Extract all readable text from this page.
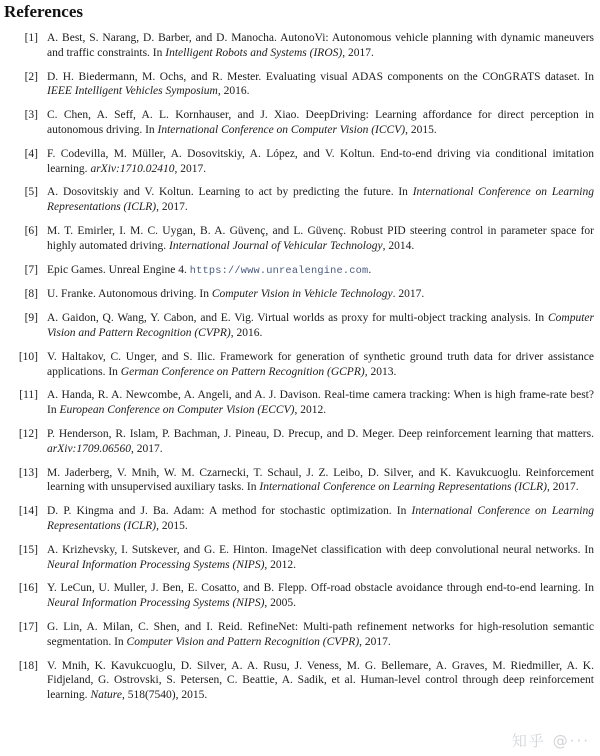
References
[1] A. Best, S. Narang, D. Barber, and D. Manocha. AutonoVi: Autonomous vehicle planning with dynamic maneuvers and traffic constraints. In Intelligent Robots and Systems (IROS), 2017.
[2] D. H. Biedermann, M. Ochs, and R. Mester. Evaluating visual ADAS components on the COnGRATS dataset. In IEEE Intelligent Vehicles Symposium, 2016.
[3] C. Chen, A. Seff, A. L. Kornhauser, and J. Xiao. DeepDriving: Learning affordance for direct perception in autonomous driving. In International Conference on Computer Vision (ICCV), 2015.
[4] F. Codevilla, M. Müller, A. Dosovitskiy, A. López, and V. Koltun. End-to-end driving via conditional imitation learning. arXiv:1710.02410, 2017.
[5] A. Dosovitskiy and V. Koltun. Learning to act by predicting the future. In International Conference on Learning Representations (ICLR), 2017.
[6] M. T. Emirler, I. M. C. Uygan, B. A. Güvenç, and L. Güvenç. Robust PID steering control in parameter space for highly automated driving. International Journal of Vehicular Technology, 2014.
[7] Epic Games. Unreal Engine 4. https://www.unrealengine.com.
[8] U. Franke. Autonomous driving. In Computer Vision in Vehicle Technology. 2017.
[9] A. Gaidon, Q. Wang, Y. Cabon, and E. Vig. Virtual worlds as proxy for multi-object tracking analysis. In Computer Vision and Pattern Recognition (CVPR), 2016.
[10] V. Haltakov, C. Unger, and S. Ilic. Framework for generation of synthetic ground truth data for driver assistance applications. In German Conference on Pattern Recognition (GCPR), 2013.
[11] A. Handa, R. A. Newcombe, A. Angeli, and A. J. Davison. Real-time camera tracking: When is high frame-rate best? In European Conference on Computer Vision (ECCV), 2012.
[12] P. Henderson, R. Islam, P. Bachman, J. Pineau, D. Precup, and D. Meger. Deep reinforcement learning that matters. arXiv:1709.06560, 2017.
[13] M. Jaderberg, V. Mnih, W. M. Czarnecki, T. Schaul, J. Z. Leibo, D. Silver, and K. Kavukcuoglu. Reinforcement learning with unsupervised auxiliary tasks. In International Conference on Learning Representations (ICLR), 2017.
[14] D. P. Kingma and J. Ba. Adam: A method for stochastic optimization. In International Conference on Learning Representations (ICLR), 2015.
[15] A. Krizhevsky, I. Sutskever, and G. E. Hinton. ImageNet classification with deep convolutional neural networks. In Neural Information Processing Systems (NIPS), 2012.
[16] Y. LeCun, U. Muller, J. Ben, E. Cosatto, and B. Flepp. Off-road obstacle avoidance through end-to-end learning. In Neural Information Processing Systems (NIPS), 2005.
[17] G. Lin, A. Milan, C. Shen, and I. Reid. RefineNet: Multi-path refinement networks for high-resolution semantic segmentation. In Computer Vision and Pattern Recognition (CVPR), 2017.
[18] V. Mnih, K. Kavukcuoglu, D. Silver, A. A. Rusu, J. Veness, M. G. Bellemare, A. Graves, M. Riedmiller, A. K. Fidjeland, G. Ostrovski, S. Petersen, C. Beattie, A. Sadik, et al. Human-level control through deep reinforcement learning. Nature, 518(7540), 2015.
知乎 @···
